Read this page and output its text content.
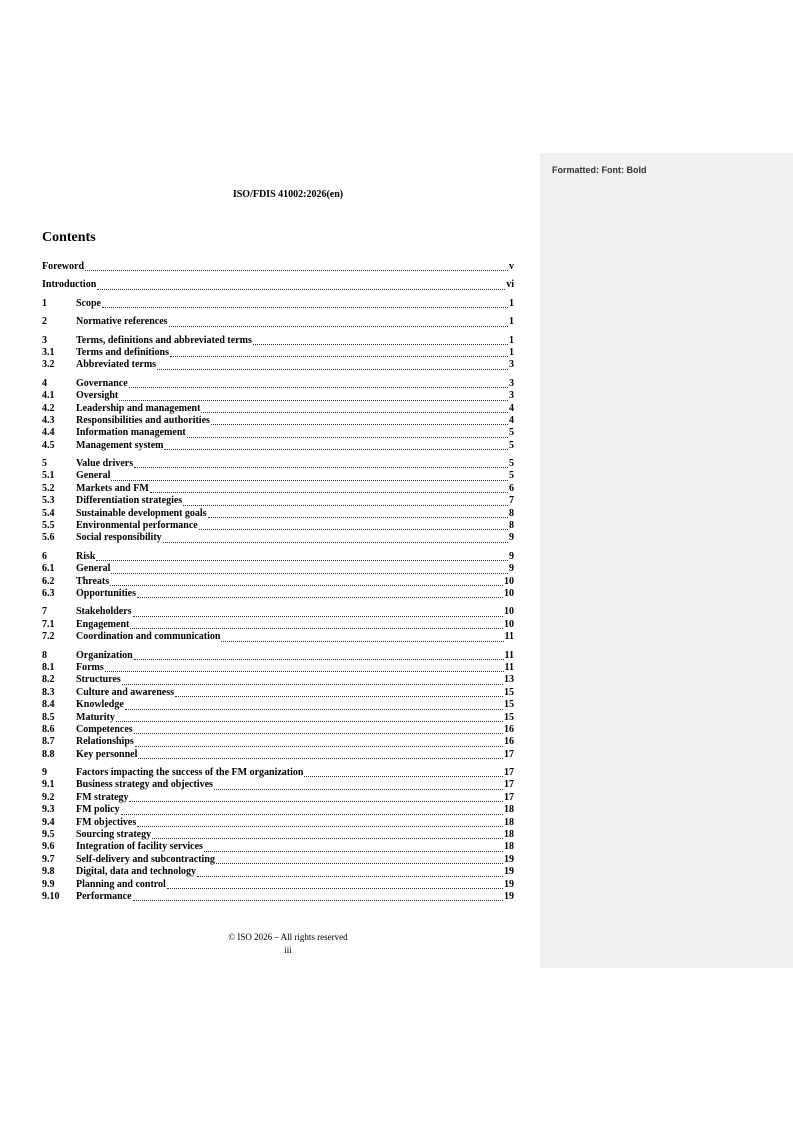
ISO/FDIS 41002:2026(en)
Contents
Foreword	v
Introduction	vi
1	Scope	1
2	Normative references	1
3	Terms, definitions and abbreviated terms	1
3.1	Terms and definitions	1
3.2	Abbreviated terms	3
4	Governance	3
4.1	Oversight	3
4.2	Leadership and management	4
4.3	Responsibilities and authorities	4
4.4	Information management	5
4.5	Management system	5
5	Value drivers	5
5.1	General	5
5.2	Markets and FM	6
5.3	Differentiation strategies	7
5.4	Sustainable development goals	8
5.5	Environmental performance	8
5.6	Social responsibility	9
6	Risk	9
6.1	General	9
6.2	Threats	10
6.3	Opportunities	10
7	Stakeholders	10
7.1	Engagement	10
7.2	Coordination and communication	11
8	Organization	11
8.1	Forms	11
8.2	Structures	13
8.3	Culture and awareness	15
8.4	Knowledge	15
8.5	Maturity	15
8.6	Competences	16
8.7	Relationships	16
8.8	Key personnel	17
9	Factors impacting the success of the FM organization	17
9.1	Business strategy and objectives	17
9.2	FM strategy	17
9.3	FM policy	18
9.4	FM objectives	18
9.5	Sourcing strategy	18
9.6	Integration of facility services	18
9.7	Self-delivery and subcontracting	19
9.8	Digital, data and technology	19
9.9	Planning and control	19
9.10	Performance	19
© ISO 2026 – All rights reserved
iii
Formatted: Font: Bold
